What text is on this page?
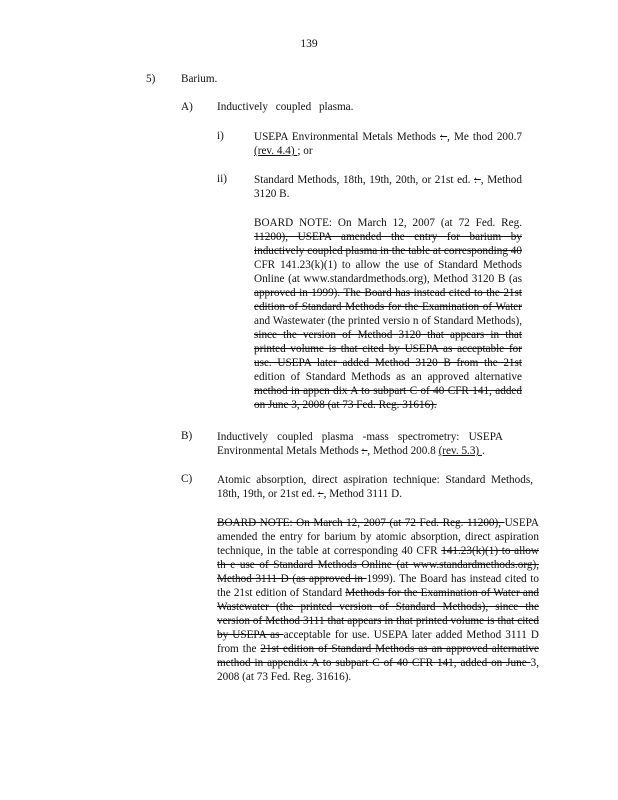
139
5) Barium.
A) Inductively coupled plasma.
i)	USEPA Environmental Metals Methods : , Me thod 200.7 (rev. 4.4) ; or
ii) Standard Methods, 18th, 19th, 20th, or 21st ed. : , Method 3120 B.
BOARD NOTE: On March 12, 2007 (at 72 Fed. Reg. 11200), USEPA amended the entry for barium by inductively coupled plasma in the table at corresponding 40 CFR 141.23(k)(1) to allow the use of Standard Methods Online (at www.standardmethods.org), Method 3120 B (as approved in 1999). The Board has instead cited to the 21st edition of Standard Methods for the Examination of Water and Wastewater (the printed versio n of Standard Methods), since the version of Method 3120 that appears in that printed volume is that cited by USEPA as acceptable for use. USEPA later added Method 3120 B from the 21st edition of Standard Methods as an approved alternative method in appen dix A to subpart C of 40 CFR 141, added on June 3, 2008 (at 73 Fed. Reg. 31616).
B) Inductively coupled plasma -mass spectrometry: USEPA Environmental Metals Methods : , Method 200.8 (rev. 5.3) .
C) Atomic absorption, direct aspiration technique: Standard Methods, 18th, 19th, or 21st ed. : , Method 3111 D.
BOARD NOTE: On March 12, 2007 (at 72 Fed. Reg. 11200), USEPA amended the entry for barium by atomic absorption, direct aspiration technique, in the table at corresponding 40 CFR 141.23(k)(1) to allow th e use of Standard Methods Online (at www.standardmethods.org), Method 3111 D (as approved in 1999). The Board has instead cited to the 21st edition of Standard Methods for the Examination of Water and Wastewater (the printed version of Standard Methods), since the version of Method 3111 that appears in that printed volume is that cited by USEPA as acceptable for use. USEPA later added Method 3111 D from the 21st edition of Standard Methods as an approved alternative method in appendix A to subpart C of 40 CFR 141, added on June 3, 2008 (at 73 Fed. Reg. 31616).
